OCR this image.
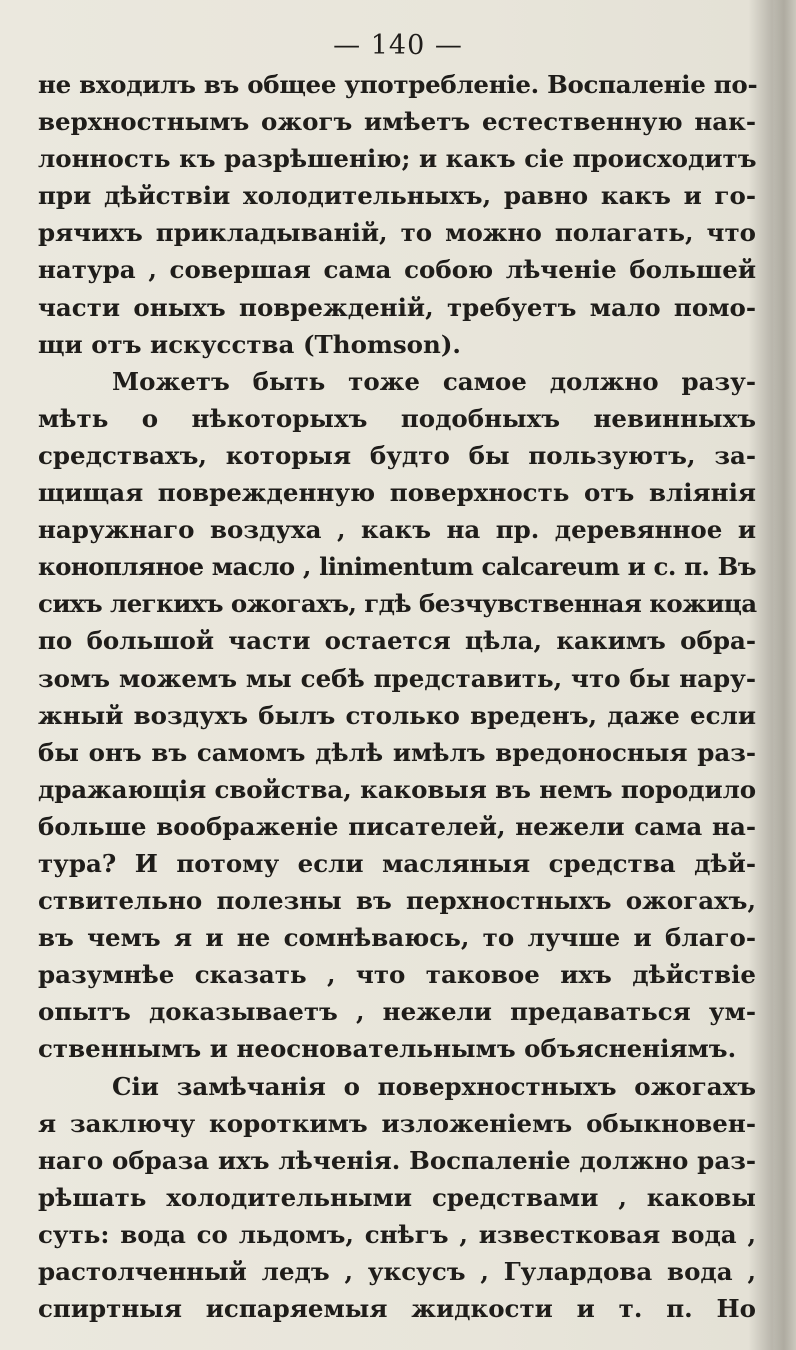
— 140 —
не входилъ въ общее употребленіе. Воспаленіе по-
верхностнымъ ожогъ имѣетъ естественную нак-
лонность къ разрѣшенію; и какъ сіе происходитъ
при дѣйствіи холодительныхъ, равно какъ и го-
рячихъ прикладываній, то можно полагать, что
натура , совершая сама собою лѣченіе большей
части оныхъ поврежденій, требуетъ мало помо-
щи отъ искусства (Thomson).
Можетъ быть тоже самое должно разу-
мѣть о нѣкоторыхъ подобныхъ невинныхъ
средствахъ, которыя будто бы пользуютъ, за-
щищая поврежденную поверхность отъ вліянія
наружнаго воздуха , какъ на пр. деревянное и
конопляное масло , linimentum calcareum и с. п. Въ
сихъ легкихъ ожогахъ, гдѣ безчувственная кожица
по большой части остается цѣла, какимъ обра-
зомъ можемъ мы себѣ представить, что бы нару-
жный воздухъ былъ столько вреденъ, даже если
бы онъ въ самомъ дѣлѣ имѣлъ вредоносныя раз-
дражающія свойства, каковыя въ немъ породило
больше воображеніе писателей, нежели сама на-
тура? И потому если масляныя средства дѣй-
ствительно полезны въ перхностныхъ ожогахъ,
въ чемъ я и не сомнѣваюсь, то лучше и благо-
разумнѣе сказать , что таковое ихъ дѣйствіе
опытъ доказываетъ , нежели предаваться ум-
ственнымъ и неосновательнымъ объясненіямъ.
Сіи замѣчанія о поверхностныхъ ожогахъ
я заключу короткимъ изложеніемъ обыкновен-
наго образа ихъ лѣченія. Воспаленіе должно раз-
рѣшать холодительными средствами , каковы
суть: вода со льдомъ, снѣгъ , известковая вода ,
растолченный ледъ , уксусъ , Гулардова вода ,
спиртныя испаряемыя жидкости и т. п. Но
